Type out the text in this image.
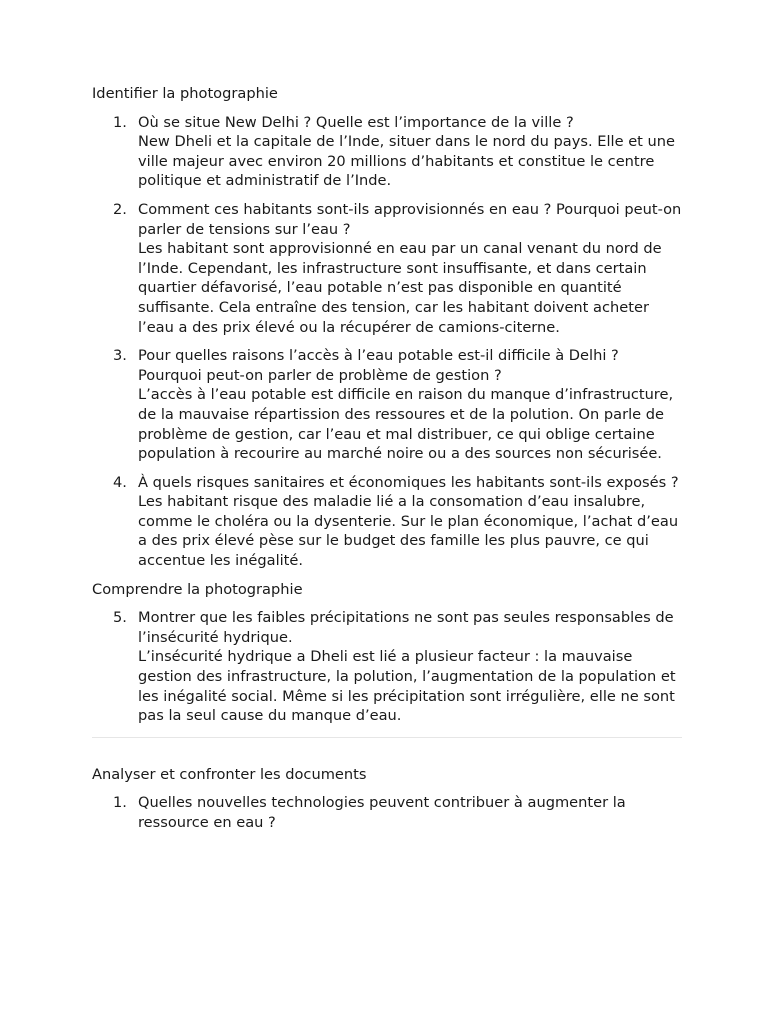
Identifier la photographie

1. Où se situe New Delhi ? Quelle est l’importance de la ville ?
New Dheli et la capitale de l’Inde, situer dans le nord du pays. Elle et une ville majeur avec environ 20 millions d’habitants et constitue le centre politique et administratif de l’Inde.
2. Comment ces habitants sont-ils approvisionnés en eau ? Pourquoi peut-on parler de tensions sur l’eau ?
Les habitant sont approvisionné en eau par un canal venant du nord de l’Inde. Cependant, les infrastructure sont insuffisante, et dans certain quartier défavorisé, l’eau potable n’est pas disponible en quantité suffisante. Cela entraîne des tension, car les habitant doivent acheter l’eau a des prix élevé ou la récupérer de camions-citerne.
3. Pour quelles raisons l’accès à l’eau potable est-il difficile à Delhi ? Pourquoi peut-on parler de problème de gestion ?
L’accès à l’eau potable est difficile en raison du manque d’infrastructure, de la mauvaise répartission des ressoures et de la polution. On parle de problème de gestion, car l’eau et mal distribuer, ce qui oblige certaine population à recourire au marché noire ou a des sources non sécurisée.
4. À quels risques sanitaires et économiques les habitants sont-ils exposés ?
Les habitant risque des maladie lié a la consomation d’eau insalubre, comme le choléra ou la dysenterie. Sur le plan économique, l’achat d’eau a des prix élevé pèse sur le budget des famille les plus pauvre, ce qui accentue les inégalité.

Comprendre la photographie

5. Montrer que les faibles précipitations ne sont pas seules responsables de l’insécurité hydrique.
L’insécurité hydrique a Dheli est lié a plusieur facteur : la mauvaise gestion des infrastructure, la polution, l’augmentation de la population et les inégalité social. Même si les précipitation sont irrégulière, elle ne sont pas la seul cause du manque d’eau.

Analyser et confronter les documents

1. Quelles nouvelles technologies peuvent contribuer à augmenter la ressource en eau ?
